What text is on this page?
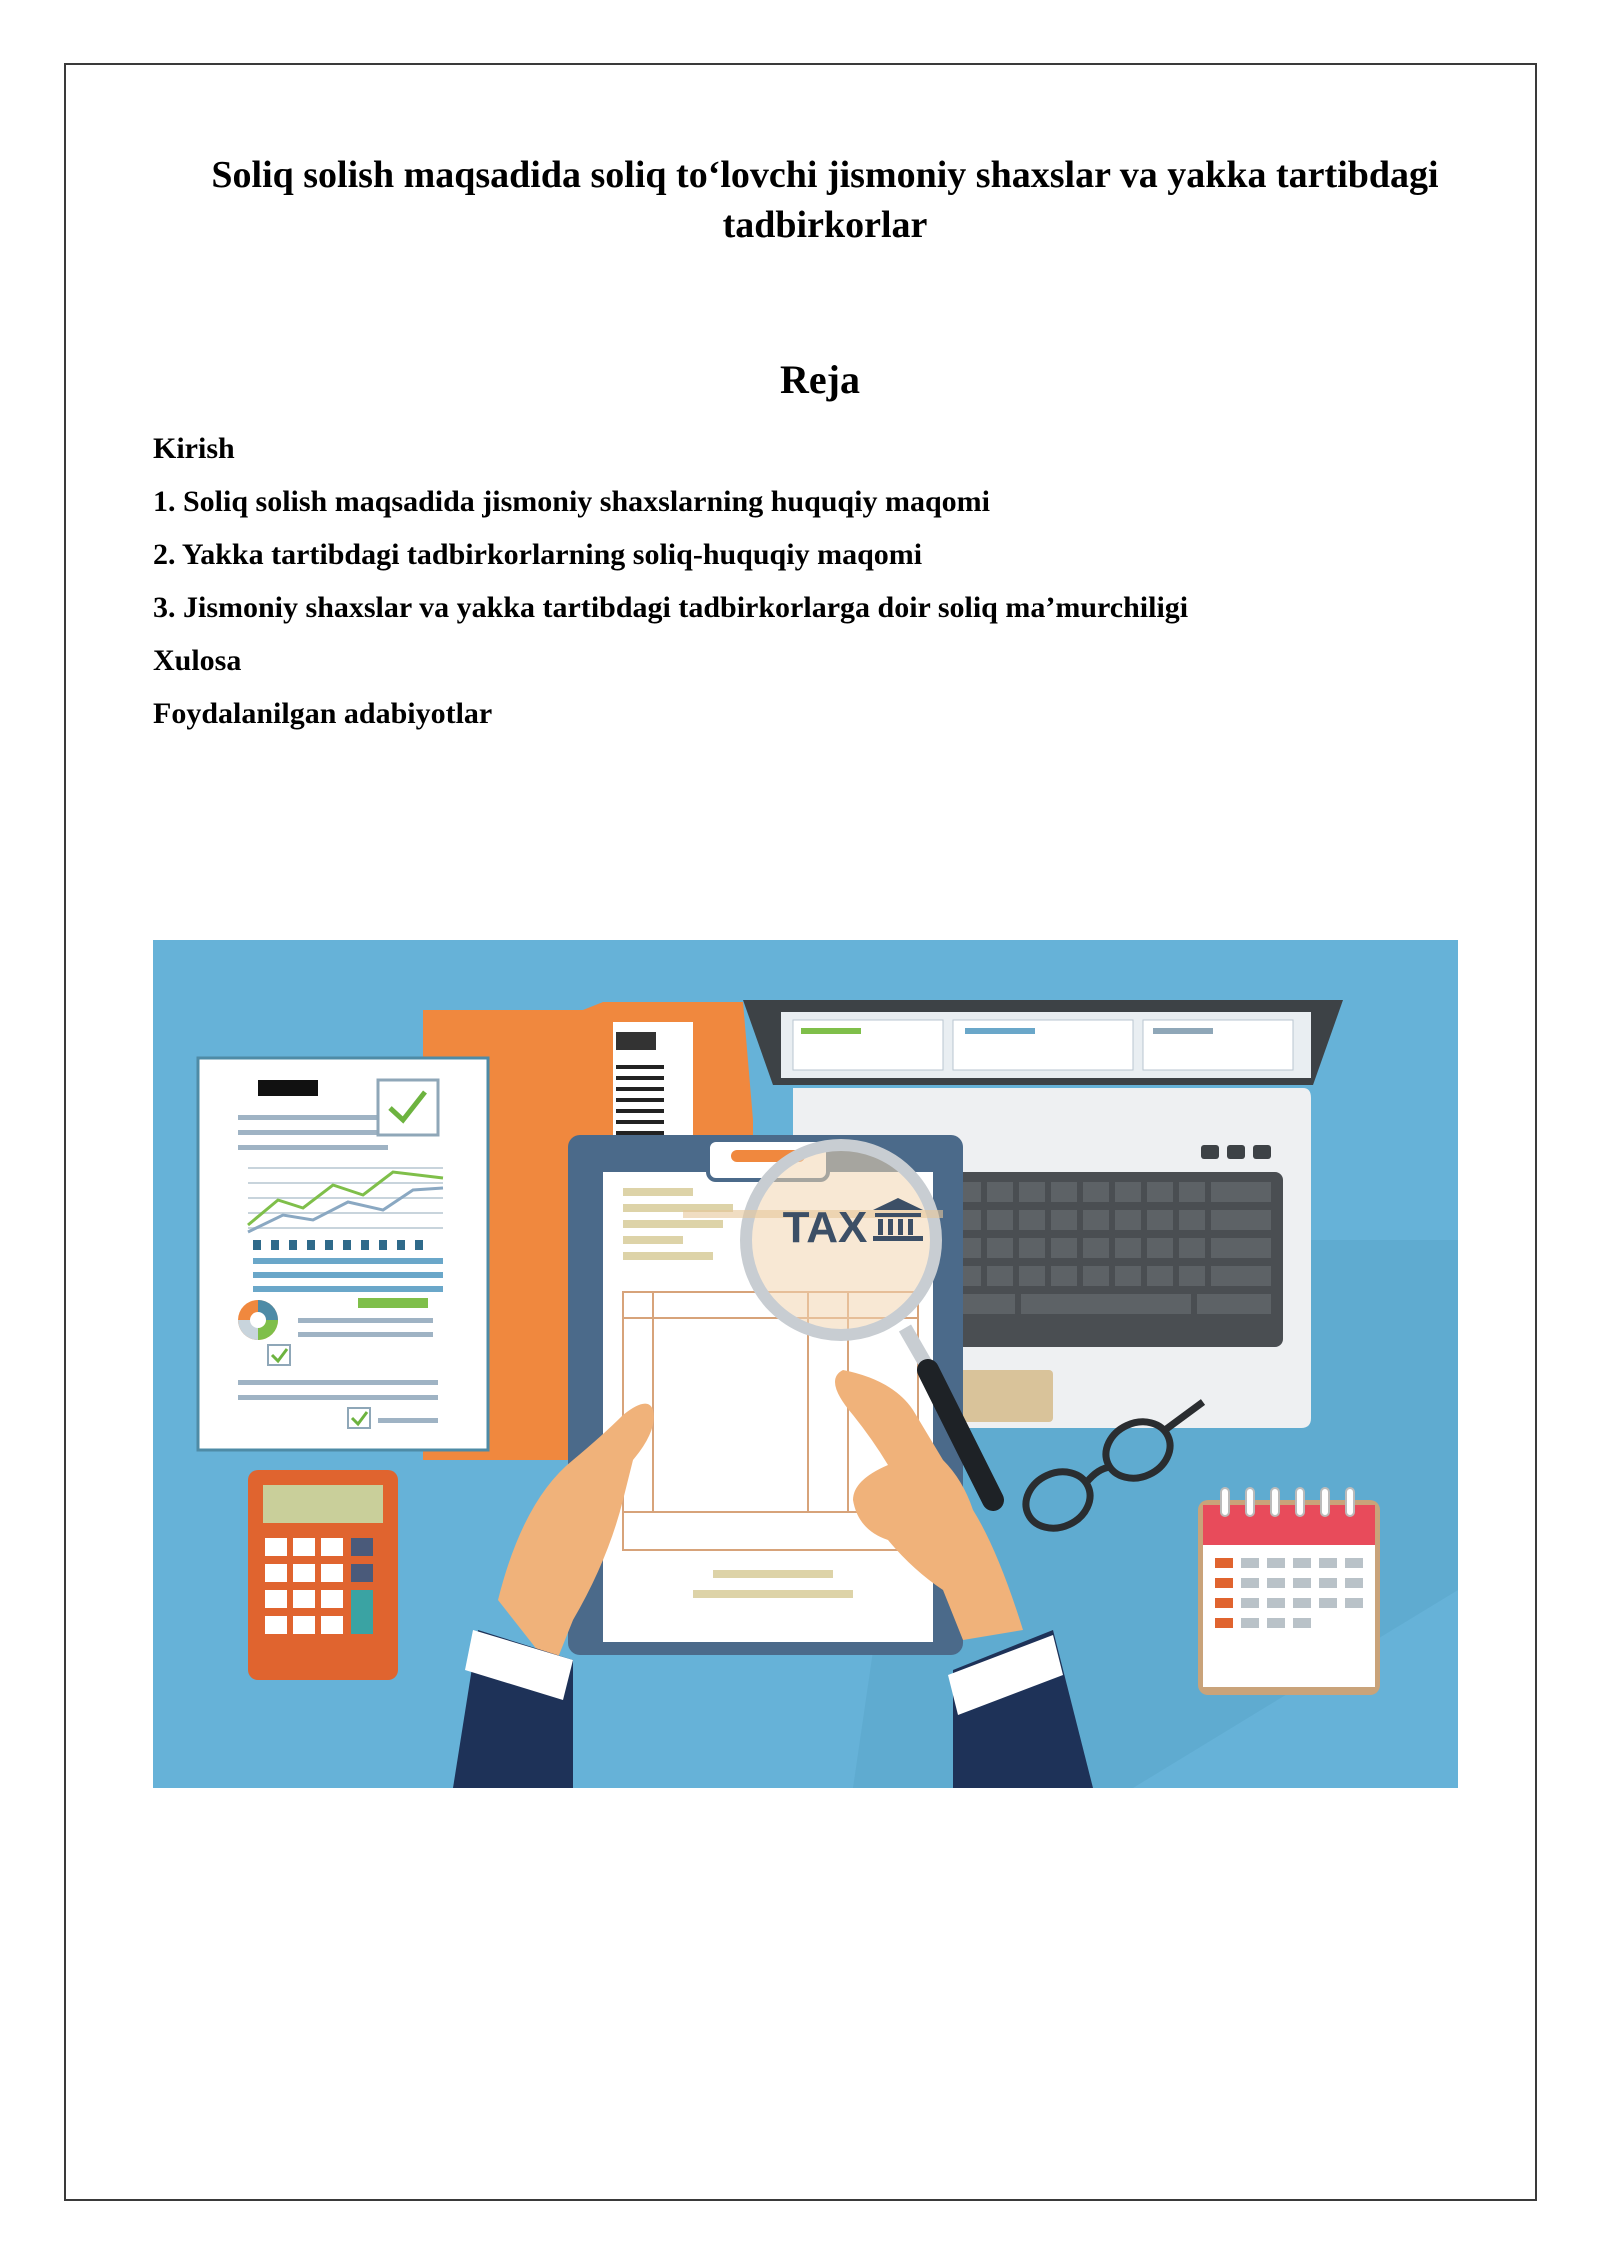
Soliq solish maqsadida soliq to‘lovchi jismoniy shaxslar va yakka tartibdagi tadbirkorlar
Reja
Kirish
1. Soliq solish maqsadida jismoniy shaxslarning huquqiy maqomi
2. Yakka tartibdagi tadbirkorlarning soliq-huquqiy maqomi
3. Jismoniy shaxslar va yakka tartibdagi tadbirkorlarga doir soliq ma’murchiligi
Xulosa
Foydalanilgan adabiyotlar
TAX
